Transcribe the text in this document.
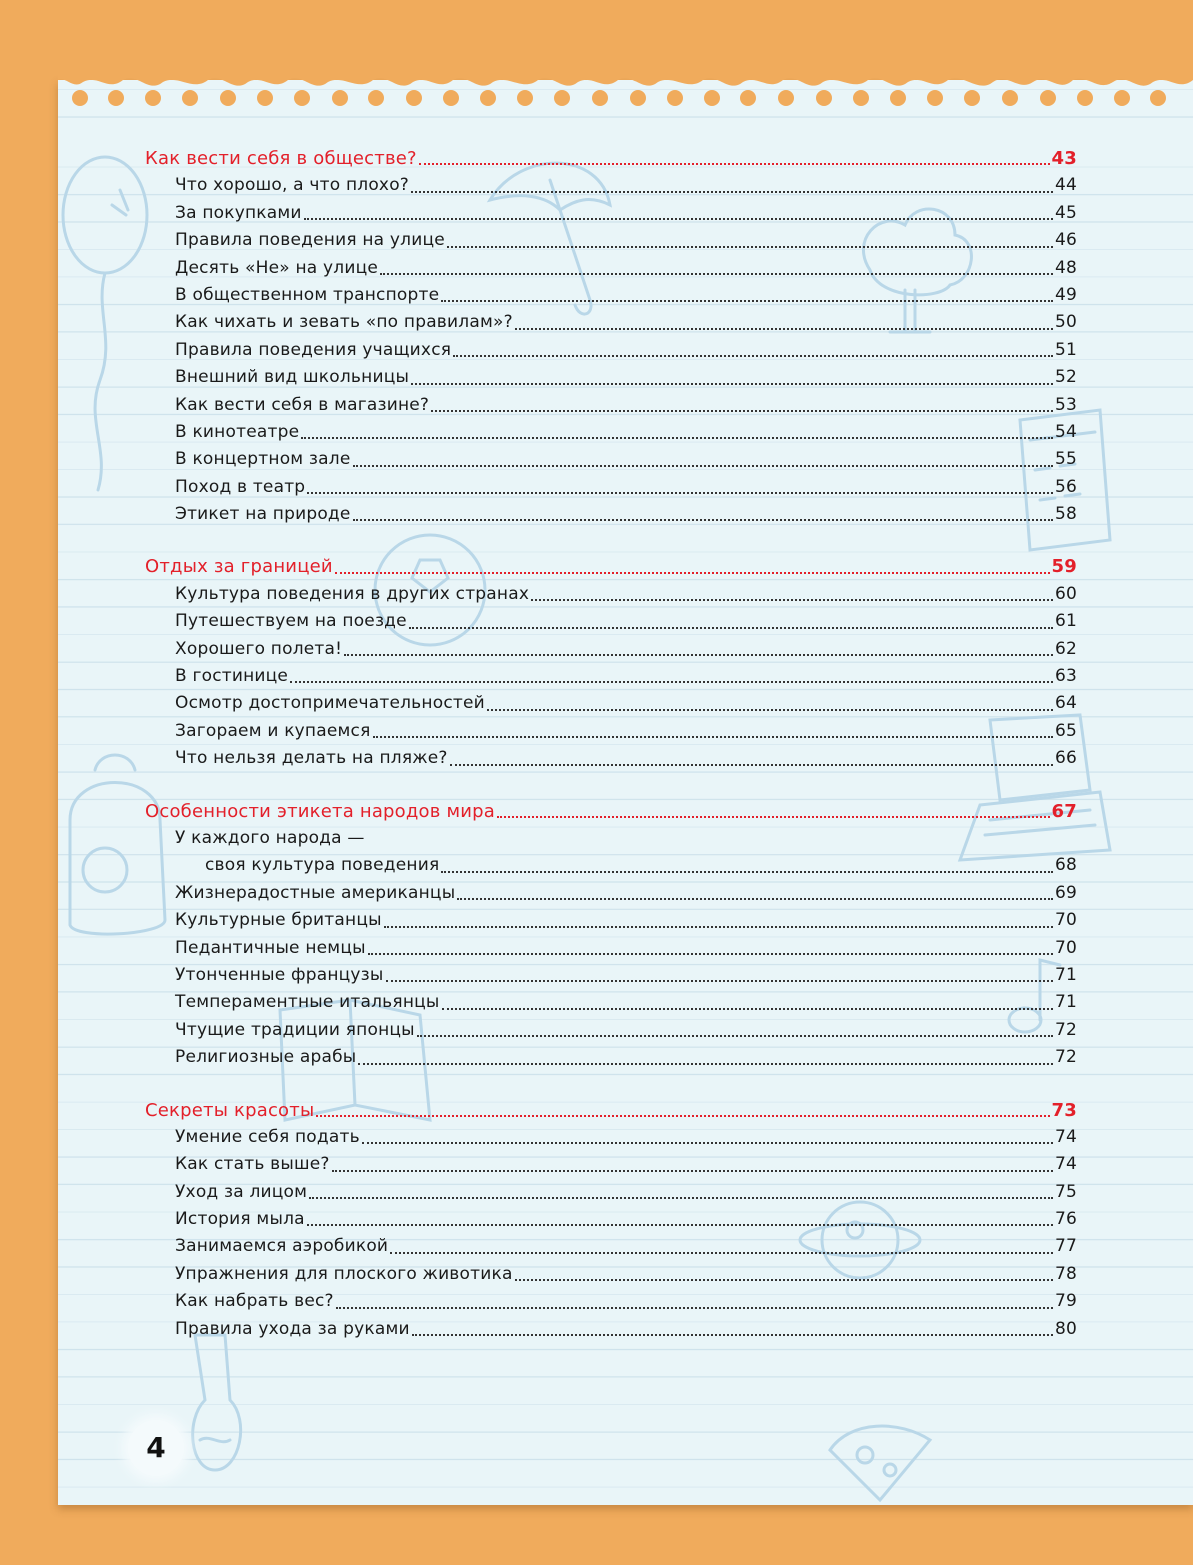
Как вести себя в обществе?	43
Что хорошо, а что плохо?	44
За покупками	45
Правила поведения на улице	46
Десять «Не» на улице	48
В общественном транспорте	49
Как чихать и зевать «по правилам»?	50
Правила поведения учащихся	51
Внешний вид школьницы	52
Как вести себя в магазине?	53
В кинотеатре	54
В концертном зале	55
Поход в театр	56
Этикет на природе	58
Отдых за границей	59
Культура поведения в других странах	60
Путешествуем на поезде	61
Хорошего полета!	62
В гостинице	63
Осмотр достопримечательностей	64
Загораем и купаемся	65
Что нельзя делать на пляже?	66
Особенности этикета народов мира	67
У каждого народа —
своя культура поведения	68
Жизнерадостные американцы	69
Культурные британцы	70
Педантичные немцы	70
Утонченные французы	71
Темпераментные итальянцы	71
Чтущие традиции японцы	72
Религиозные арабы	72
Секреты красоты	73
Умение себя подать	74
Как стать выше?	74
Уход за лицом	75
История мыла	76
Занимаемся аэробикой	77
Упражнения для плоского животика	78
Как набрать вес?	79
Правила ухода за руками	80
4
